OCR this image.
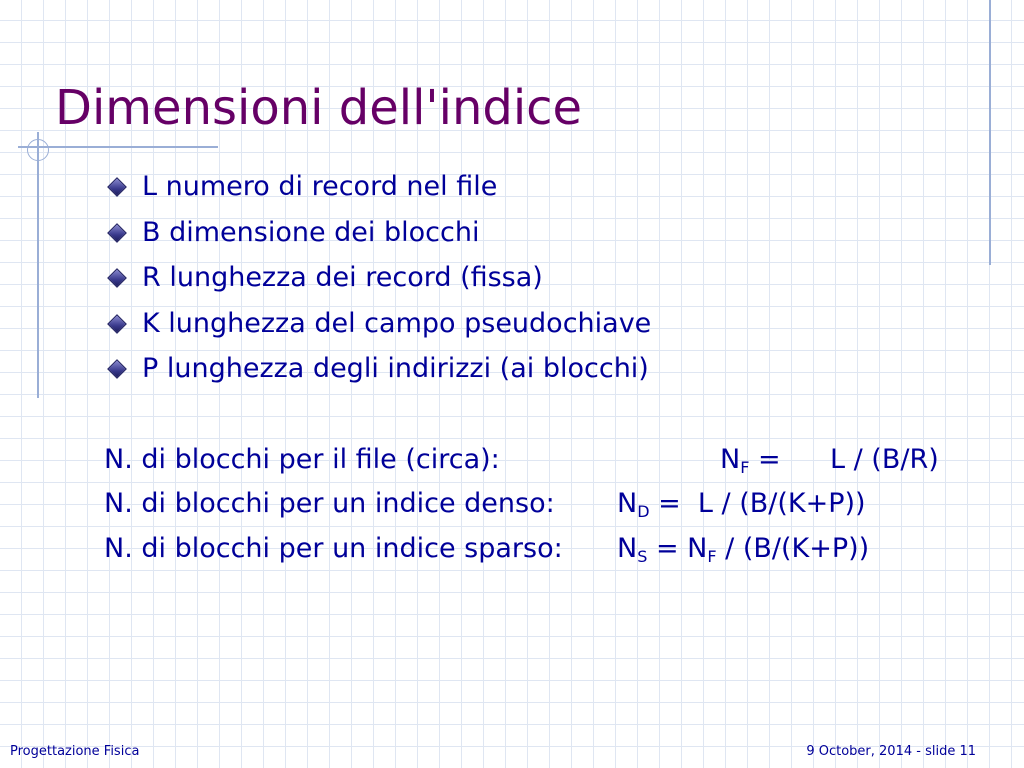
Dimensioni dell'indice
L numero di record nel file
B dimensione dei blocchi
R lunghezza dei record (fissa)
K lunghezza del campo pseudochiave
P lunghezza degli indirizzi (ai blocchi)
N. di blocchi per il file (circa):	$N_F = L / (B/R)$
N. di blocchi per un indice denso: $N_D = L / (B/(K+P))$
N. di blocchi per un indice sparso: $N_S = N_F / (B/(K+P))$
Progettazione Fisica	9 October, 2014 - slide 11
